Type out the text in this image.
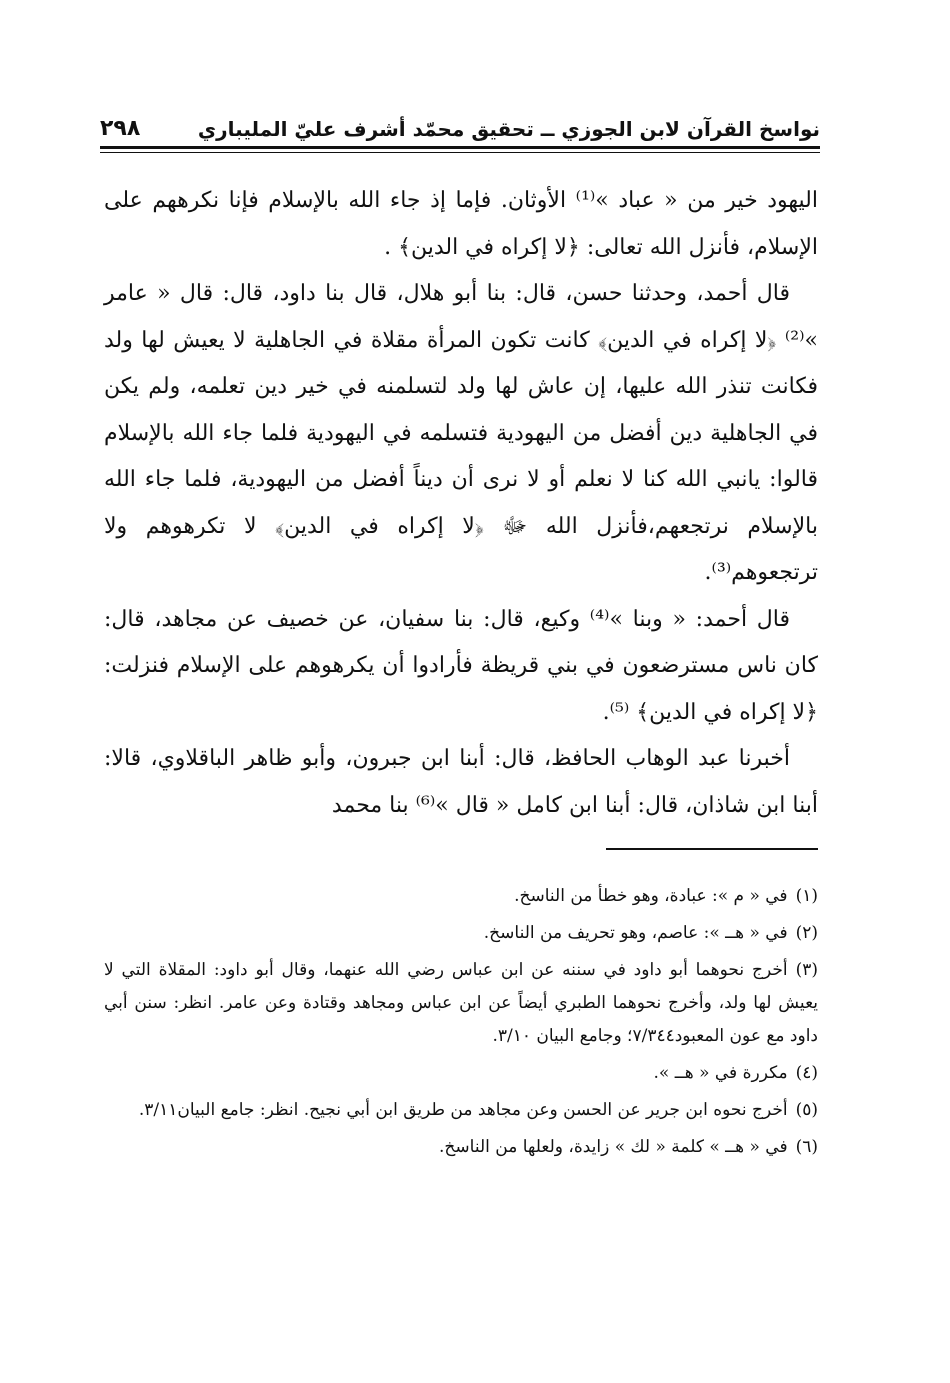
نواسخ القرآن لابن الجوزي ــ تحقيق محمّد أشرف عليّ المليباري
٢٩٨

اليهود خير من « عباد »⁽¹⁾ الأوثان. فإما إذ جاء الله بالإسلام فإنا نكرههم على الإسلام، فأنزل الله تعالى: ﴿لا إكراه في الدين﴾ .

قال أحمد، وحدثنا حسن، قال: بنا أبو هلال، قال بنا داود، قال: قال « عامر »⁽²⁾ ﴿لا إكراه في الدين﴾ كانت تكون المرأة مقلاة في الجاهلية لا يعيش لها ولد فكانت تنذر الله عليها، إن عاش لها ولد لتسلمنه في خير دين تعلمه، ولم يكن في الجاهلية دين أفضل من اليهودية فتسلمه في اليهودية فلما جاء الله بالإسلام قالوا: يانبي الله كنا لا نعلم أو لا نرى أن ديناً أفضل من اليهودية، فلما جاء الله بالإسلام نرتجعهم،فأنزل الله ﷻ ﴿لا إكراه في الدين﴾ لا تكرهوهم ولا ترتجعوهم⁽³⁾.

قال أحمد: « وبنا »⁽⁴⁾ وكيع، قال: بنا سفيان، عن خصيف عن مجاهد، قال: كان ناس مسترضعون في بني قريظة فأرادوا أن يكرهوهم على الإسلام فنزلت: ﴿لا إكراه في الدين﴾ ⁽⁵⁾.

أخبرنا عبد الوهاب الحافظ، قال: أبنا ابن جبرون، وأبو ظاهر الباقلاوي، قالا: أبنا ابن شاذان، قال: أبنا ابن كامل « قال »⁽⁶⁾ بنا محمد

(١)في « م »: عبادة، وهو خطأ من الناسخ.

(٢)في « هــ »: عاصم، وهو تحريف من الناسخ.

(٣)أخرج نحوهما أبو داود في سننه عن ابن عباس رضي الله عنهما، وقال أبو داود: المقلاة التي لا يعيش لها ولد، وأخرج نحوهما الطبري أيضاً عن ابن عباس ومجاهد وقتادة وعن عامر. انظر: سنن أبي داود مع عون المعبود٧/٣٤٤؛ وجامع البيان ٣/١٠.

(٤)مكررة في « هــ ».

(٥)أخرج نحوه ابن جرير عن الحسن وعن مجاهد من طريق ابن أبي نجيح. انظر: جامع البيان٣/١١.

(٦)في « هــ » كلمة « لك » زايدة، ولعلها من الناسخ.
